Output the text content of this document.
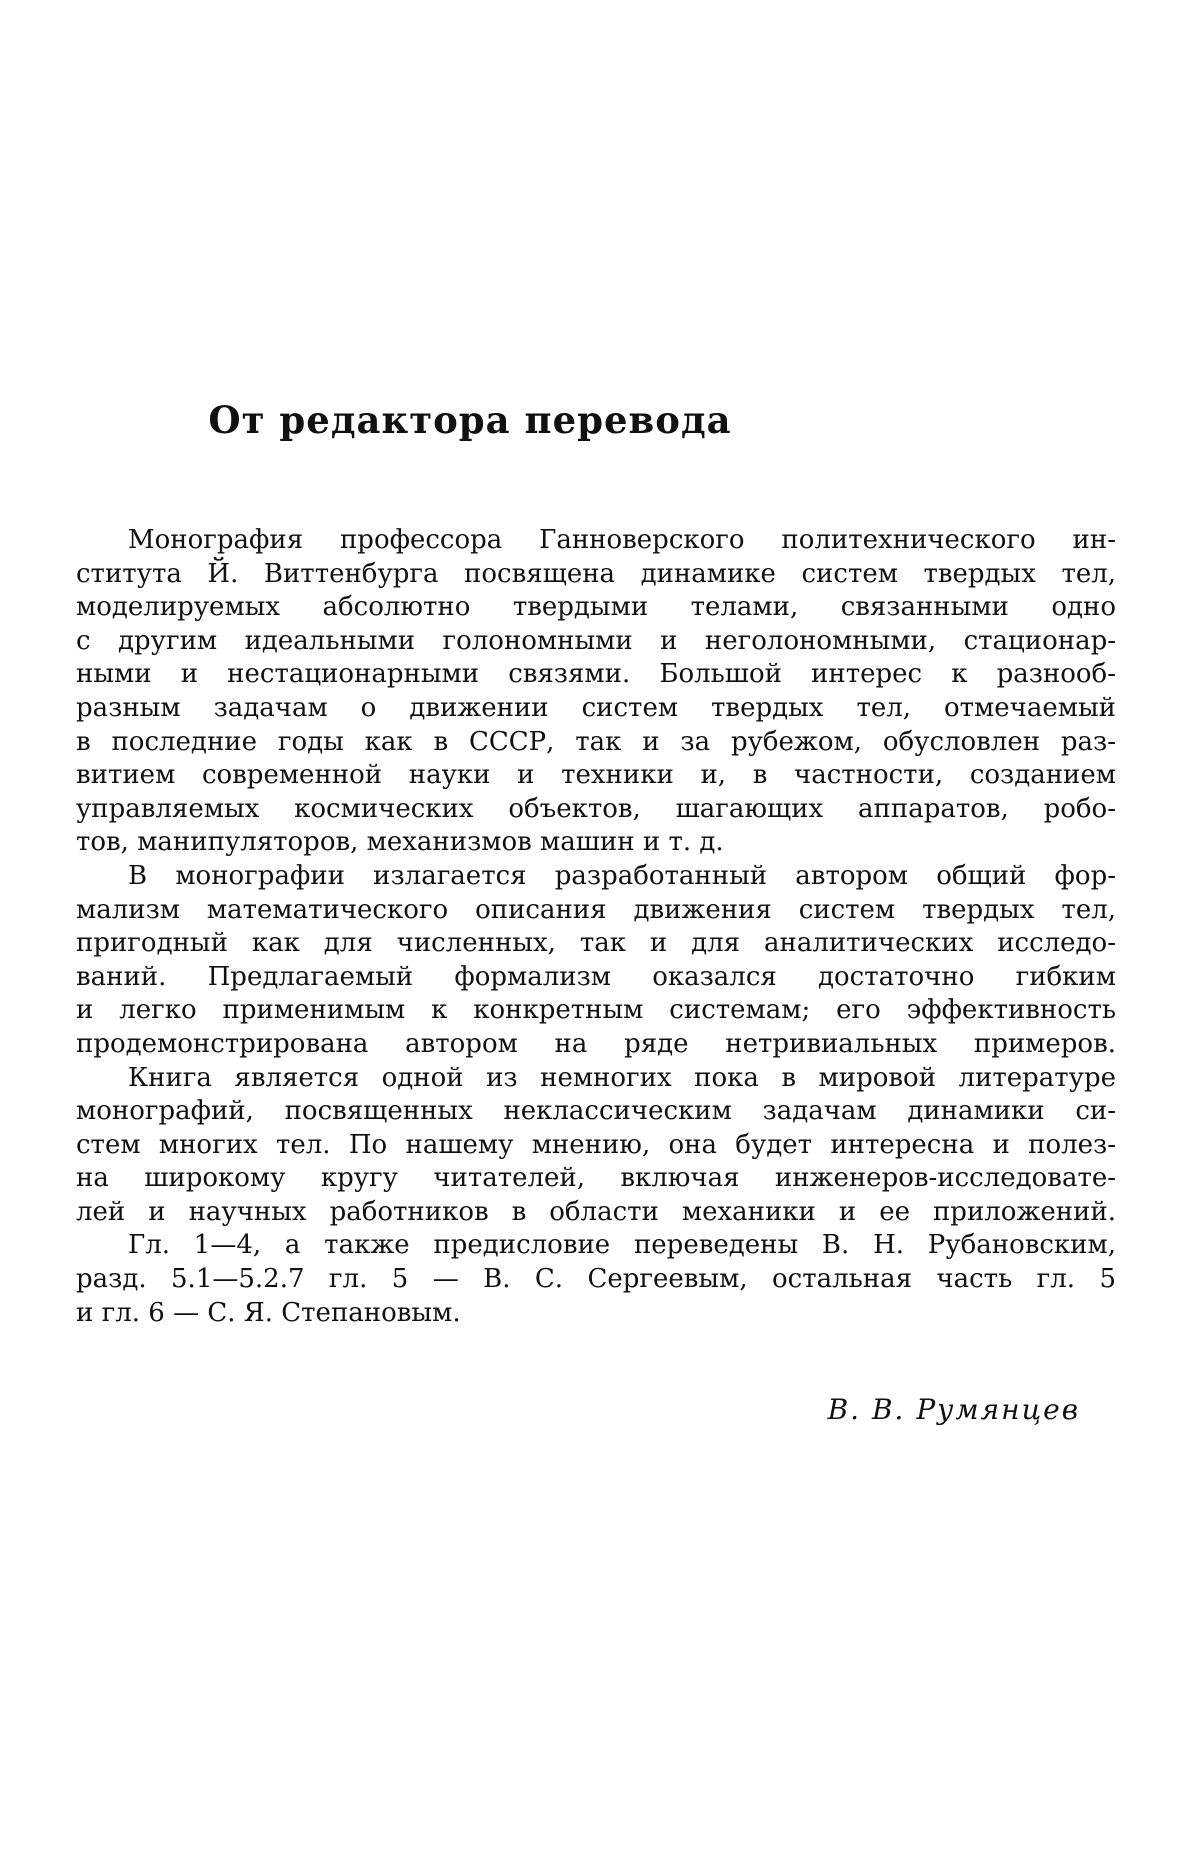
От редактора перевода
Монография профессора Ганноверского политехнического ин-
ститута Й. Виттенбурга посвящена динамике систем твердых тел,
моделируемых абсолютно твердыми телами, связанными одно
с другим идеальными голономными и неголономными, стационар-
ными и нестационарными связями. Большой интерес к разнооб-
разным задачам о движении систем твердых тел, отмечаемый
в последние годы как в СССР, так и за рубежом, обусловлен раз-
витием современной науки и техники и, в частности, созданием
управляемых космических объектов, шагающих аппаратов, робо-
тов, манипуляторов, механизмов машин и т. д.
В монографии излагается разработанный автором общий фор-
мализм математического описания движения систем твердых тел,
пригодный как для численных, так и для аналитических исследо-
ваний. Предлагаемый формализм оказался достаточно гибким
и легко применимым к конкретным системам; его эффективность
продемонстрирована автором на ряде нетривиальных примеров.
Книга является одной из немногих пока в мировой литературе
монографий, посвященных неклассическим задачам динамики си-
стем многих тел. По нашему мнению, она будет интересна и полез-
на широкому кругу читателей, включая инженеров-исследовате-
лей и научных работников в области механики и ее приложений.
Гл. 1—4, а также предисловие переведены В. Н. Рубановским,
разд. 5.1—5.2.7 гл. 5 — В. С. Сергеевым, остальная часть гл. 5
и гл. 6 — С. Я. Степановым.
В. В. Румянцев
